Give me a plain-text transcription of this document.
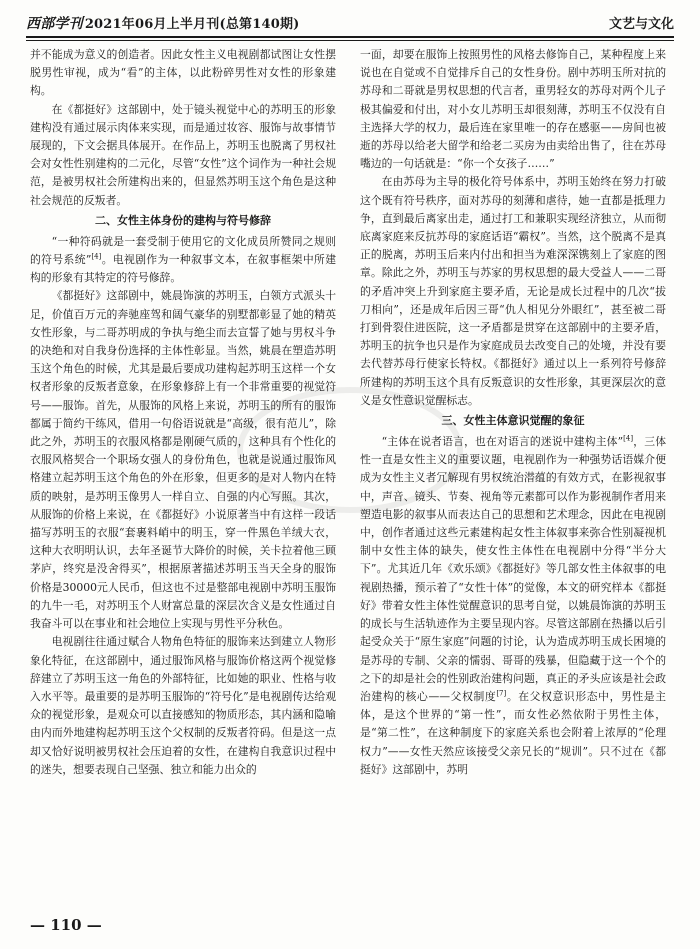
西部学刊 2021年06月上半月刊(总第140期)	文艺与文化

并不能成为意义的创造者。因此女性主义电视剧都试图让女性摆脱男性审视，成为“看”的主体，以此粉碎男性对女性的形象建构。

在《都挺好》这部剧中，处于镜头视觉中心的苏明玉的形象建构没有通过展示肉体来实现，而是通过妆容、服饰与故事情节展现的，下文会据具体展开。在作品上，苏明玉也脱离了男权社会对女性性别建构的二元化，尽管“女性”这个词作为一种社会规范，是被男权社会所建构出来的，但显然苏明玉这个角色是这种社会规范的反叛者。

二、女性主体身份的建构与符号修辞

“一种符码就是一套受制于使用它的文化成员所赞同之规则的符号系统”[4]。电视剧作为一种叙事文本，在叙事框架中所建构的形象有其特定的符号修辞。

《都挺好》这部剧中，姚晨饰演的苏明玉，白领方式派头十足，价值百万元的奔驰座驾和阔气豪华的别墅都彰显了她的精英女性形象，与二哥苏明成的争执与绝尘而去宣誓了她与男权斗争的决绝和对自我身份选择的主体性彰显。当然，姚晨在塑造苏明玉这个角色的时候，尤其是最后要成功建构起苏明玉这样一个女权者形象的反叛者意象，在形象修辞上有一个非常重要的视觉符号——服饰。首先，从服饰的风格上来说，苏明玉的所有的服饰都属于简约干练风，借用一句俗语说就是“高级，很有范儿”，除此之外，苏明玉的衣服风格都是刚硬气质的，这种具有个性化的衣服风格契合一个职场女强人的身份角色，也就是说通过服饰风格建立起苏明玉这个角色的外在形象，但更多的是对人物内在特质的映射，是苏明玉像男人一样自立、自强的内心写照。其次，从服饰的价格上来说，在《都挺好》小说原著当中有这样一段话描写苏明玉的衣服“套裹料峭中的明玉，穿一件黑色羊绒大衣，这种大衣明明认识，去年圣诞节大降价的时候，关卡拉着他三顾茅庐，终究是没舍得买”，根据原著描述苏明玉当天全身的服饰价格是30000元人民币，但这也不过是整部电视剧中苏明玉服饰的九牛一毛，对苏明玉个人财富总量的深层次含义是女性通过自我奋斗可以在事业和社会地位上实现与男性平分秋色。

电视剧往往通过赋合人物角色特征的服饰来达到建立人物形象化特征，在这部剧中，通过服饰风格与服饰价格这两个视觉修辞建立了苏明玉这一角色的外部特征，比如她的职业、性格与收入水平等。最重要的是苏明玉服饰的“符号化”是电视剧传达给观众的视觉形象，是观众可以直接感知的物质形态，其内涵和隐喻由内而外地建构起苏明玉这个父权制的反叛者符码。但是这一点却又恰好说明被男权社会压迫着的女性，在建构自我意识过程中的迷失，想要表现自己坚强、独立和能力出众的

一面，却要在服饰上按照男性的风格去修饰自己，某种程度上来说也在自觉或不自觉排斥自己的女性身份。剧中苏明玉所对抗的苏母和二哥就是男权思想的代言者，重男轻女的苏母对两个儿子极其偏爱和付出，对小女儿苏明玉却很刻薄，苏明玉不仅没有自主选择大学的权力，最后连在家里唯一的存在感驱——房间也被逝的苏母以给老大留学和给老二买房为由卖给出售了，往在苏母嘴边的一句话就是：“你一个女孩子……”

在由苏母为主导的极化符号体系中，苏明玉始终在努力打破这个既有符号秩序，面对苏母的刻薄和虐待，她一直都是抵理力争，直到最后离家出走，通过打工和兼职实现经济独立，从而彻底离家庭来反抗苏母的家庭话语“霸权”。当然，这个脱离不是真正的脱离，苏明玉后来内付出和担当为难深深镌刻上了家庭的图章。除此之外，苏明玉与苏家的男权思想的最大受益人——二哥的矛盾冲突上升到家庭主要矛盾，无论是成长过程中的几次“拔刀相向”，还是成年后因三哥“仇人相见分外眼红”，甚至被二哥打到骨裂住进医院，这一矛盾都是贯穿在这部剧中的主要矛盾，苏明玉的抗争也只是作为家庭成员去改变自己的处境，并没有要去代替苏母行使家长特权。《都挺好》通过以上一系列符号修辞所建构的苏明玉这个具有反叛意识的女性形象，其更深层次的意义是女性意识觉醒标志。

三、女性主体意识觉醒的象征

“主体在说者语言，也在对语言的迷说中建构主体”[4]，三体性一直是女性主义的重要议题，电视剧作为一种强势话语媒介便成为女性主义者冗解现有男权统治潜蕴的有效方式，在影视叙事中，声音、镜头、节奏、视角等元素都可以作为影视制作者用来塑造电影的叙事从而表达自己的思想和艺术理念，因此在电视剧中，创作者通过这些元素建构起女性主体叙事来弥合性别凝视机制中女性主体的缺失，使女性主体性在电视剧中分得“半分大下”。尤其近几年《欢乐颂》《都挺好》等几部女性主体叙事的电视剧热播，预示着了“女性十体”的觉像，本文的研究样本《都挺好》带着女性主体性觉醒意识的思考自觉，以姚晨饰演的苏明玉的成长与生活轨迹作为主要呈现内容。尽管这部剧在热播以后引起受众关于“原生家庭”问题的讨论，认为造成苏明玉成长困境的是苏母的专制、父亲的懦弱、哥哥的残暴，但隐藏于这一个个的之下的却是社会的性别政治建构问题，真正的矛头应该是社会政治建构的核心——父权制度[7]。在父权意识形态中，男性是主体，是这个世界的“第一性”，而女性必然依附于男性主体，是“第二性”，在这种制度下的家庭关系也会附着上浓厚的“伦理权力”——女性天然应该接受父亲兄长的“规训”。只不过在《都挺好》这部剧中，苏明

— 110 —
